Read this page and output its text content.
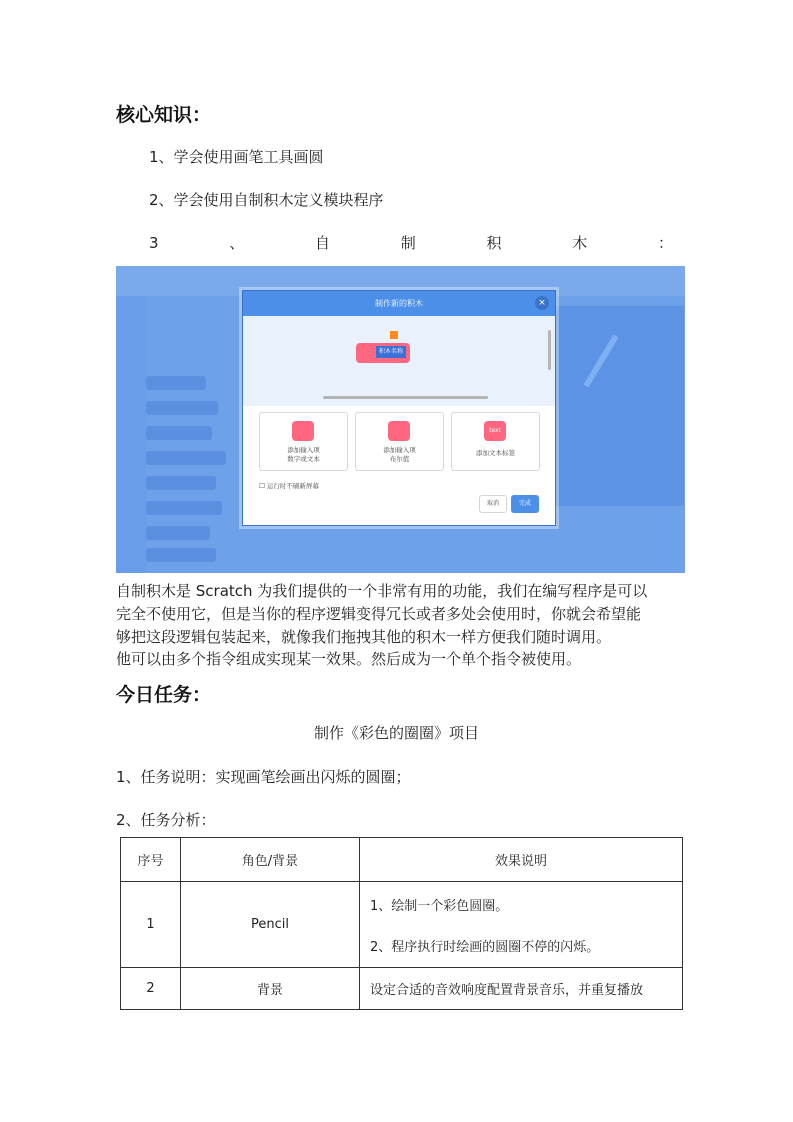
核心知识：
1、学会使用画笔工具画圆
2、学会使用自制积木定义模块程序
3、自制积木：
制作新的积木	×
积木名称
添加输入项
数字或文本
添加输入项
布尔值
text
添加文本标签
☐ 运行时不刷新屏幕
取消	完成
自制积木是 Scratch 为我们提供的一个非常有用的功能，我们在编写程序是可以
完全不使用它，但是当你的程序逻辑变得冗长或者多处会使用时，你就会希望能
够把这段逻辑包装起来，就像我们拖拽其他的积木一样方便我们随时调用。
他可以由多个指令组成实现某一效果。然后成为一个单个指令被使用。
今日任务：
制作《彩色的圈圈》项目
1、任务说明：实现画笔绘画出闪烁的圆圈；
2、任务分析：
序号	角色/背景	效果说明
1	Pencil	1、绘制一个彩色圆圈。
2、程序执行时绘画的圆圈不停的闪烁。

2	背景	设定合适的音效响度配置背景音乐，并重复播放
